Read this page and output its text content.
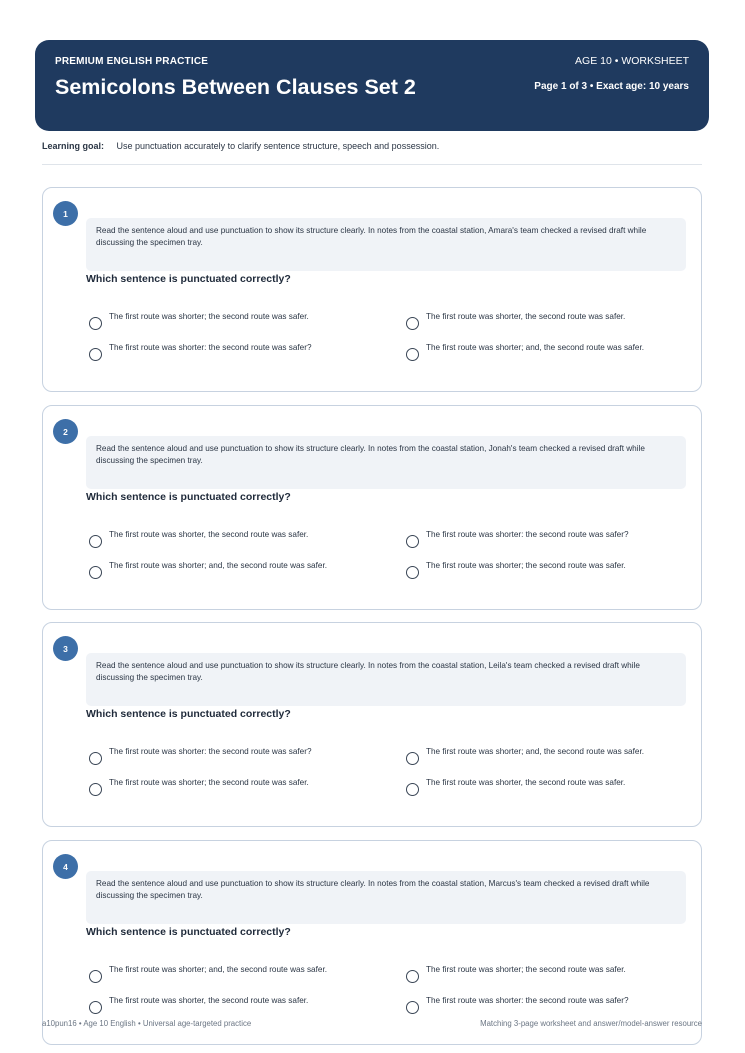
PREMIUM ENGLISH PRACTICE
Semicolons Between Clauses Set 2
AGE 10 • WORKSHEET
Page 1 of 3 • Exact age: 10 years
Learning goal: Use punctuation accurately to clarify sentence structure, speech and possession.
1
Read the sentence aloud and use punctuation to show its structure clearly. In notes from the coastal station, Amara's team checked a revised draft while discussing the specimen tray.
Which sentence is punctuated correctly?
The first route was shorter; the second route was safer.	The first route was shorter, the second route was safer.
The first route was shorter: the second route was safer?	The first route was shorter; and, the second route was safer.
2
Read the sentence aloud and use punctuation to show its structure clearly. In notes from the coastal station, Jonah's team checked a revised draft while discussing the specimen tray.
Which sentence is punctuated correctly?
The first route was shorter, the second route was safer.	The first route was shorter: the second route was safer?
The first route was shorter; and, the second route was safer.	The first route was shorter; the second route was safer.
3
Read the sentence aloud and use punctuation to show its structure clearly. In notes from the coastal station, Leila's team checked a revised draft while discussing the specimen tray.
Which sentence is punctuated correctly?
The first route was shorter: the second route was safer?	The first route was shorter; and, the second route was safer.
The first route was shorter; the second route was safer.	The first route was shorter, the second route was safer.
4
Read the sentence aloud and use punctuation to show its structure clearly. In notes from the coastal station, Marcus's team checked a revised draft while discussing the specimen tray.
Which sentence is punctuated correctly?
The first route was shorter; and, the second route was safer.	The first route was shorter; the second route was safer.
The first route was shorter, the second route was safer.	The first route was shorter: the second route was safer?
a10pun16 • Age 10 English • Universal age-targeted practice	Matching 3-page worksheet and answer/model-answer resource
